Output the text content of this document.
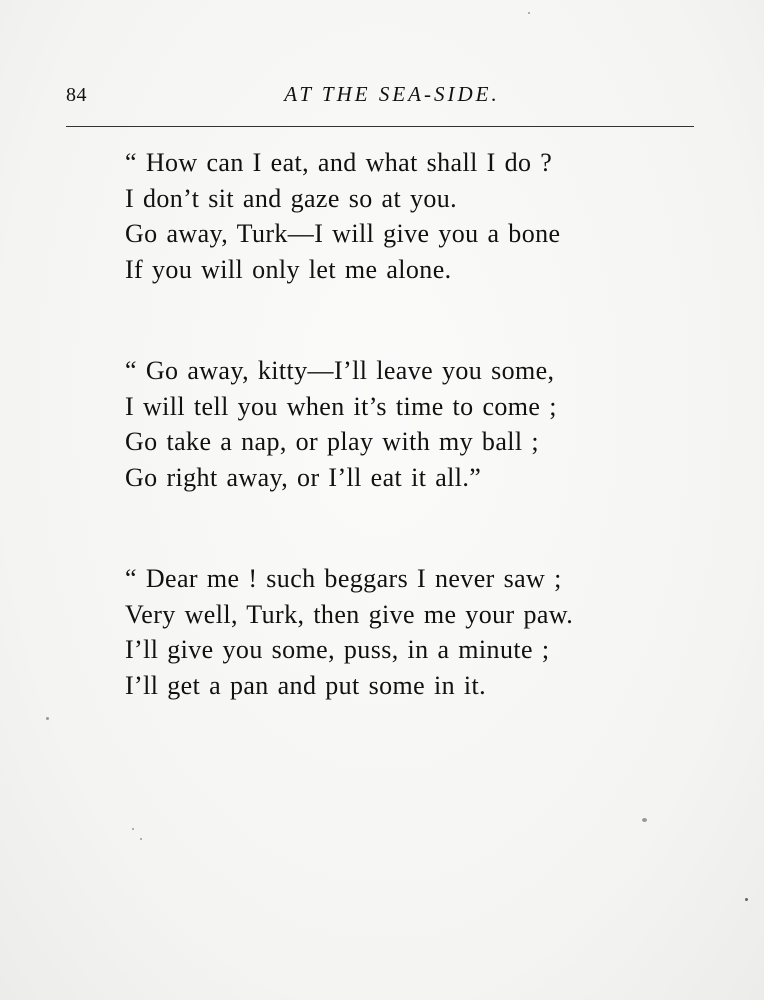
84	AT THE SEA-SIDE.
“ How can I eat, and what shall I do ?
I don’t sit and gaze so at you.
Go away, Turk—I will give you a bone
If you will only let me alone.
“ Go away, kitty—I’ll leave you some,
I will tell you when it’s time to come ;
Go take a nap, or play with my ball ;
Go right away, or I’ll eat it all.”
“ Dear me ! such beggars I never saw ;
Very well, Turk, then give me your paw.
I’ll give you some, puss, in a minute ;
I’ll get a pan and put some in it.
